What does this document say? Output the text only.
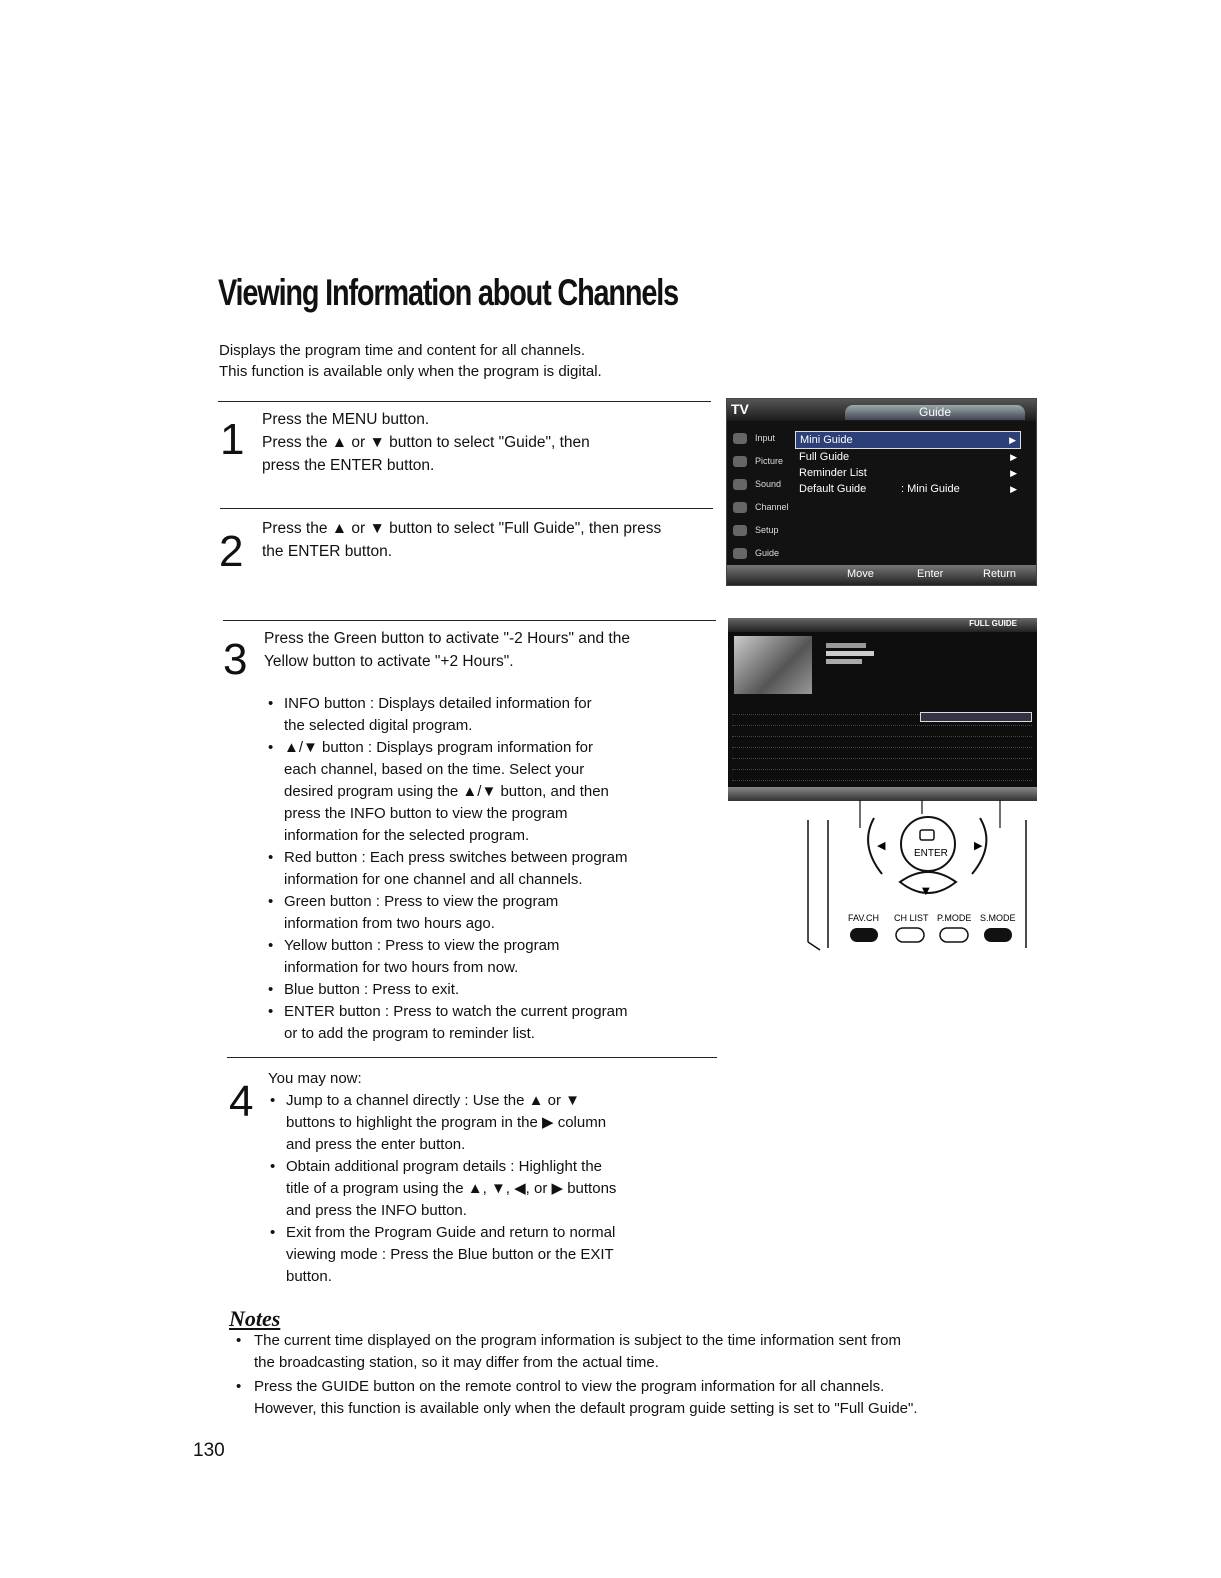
Viewing Information about Channels
Displays the program time and content for all channels.
This function is available only when the program is digital.
1 Press the MENU button.
Press the ▲ or ▼ button to select "Guide", then
press the ENTER button.
2 Press the ▲ or ▼ button to select "Full Guide", then press
the ENTER button.
3 Press the Green button to activate "-2 Hours" and the
Yellow button to activate "+2 Hours".
• INFO button : Displays detailed information for
the selected digital program.
• ▲/▼ button : Displays program information for
each channel, based on the time. Select your
desired program using the ▲/▼ button, and then
press the INFO button to view the program
information for the selected program.
• Red button : Each press switches between program
information for one channel and all channels.
• Green button : Press to view the program
information from two hours ago.
• Yellow button : Press to view the program
information for two hours from now.
• Blue button : Press to exit.
• ENTER button : Press to watch the current program
or to add the program to reminder list.
4 You may now:
• Jump to a channel directly : Use the ▲ or ▼
buttons to highlight the program in the ▶ column
and press the enter button.
• Obtain additional program details : Highlight the
title of a program using the ▲, ▼, ◀, or ▶ buttons
and press the INFO button.
• Exit from the Program Guide and return to normal
viewing mode : Press the Blue button or the EXIT
button.
Notes
• The current time displayed on the program information is subject to the time information sent from
the broadcasting station, so it may differ from the actual time.
• Press the GUIDE button on the remote control to view the program information for all channels.
However, this function is available only when the default program guide setting is set to "Full Guide".
130
TV	Guide
Input
Picture
Sound
Channel
Setup
Guide
Mini Guide	▶
Full Guide	▶
Reminder List	▶
Default Guide	: Mini Guide	▶
Move	Enter	Return
FULL GUIDE
◀	▶
ENTER
▼
FAV.CH CH LIST P.MODE S.MODE
